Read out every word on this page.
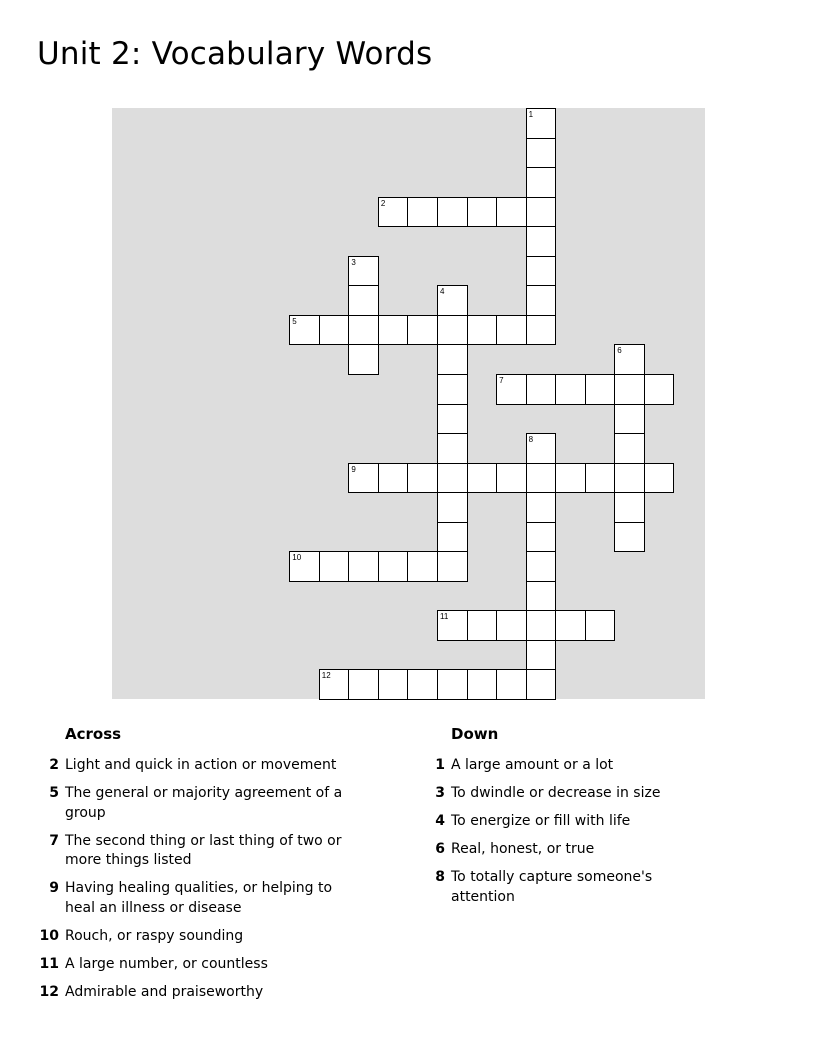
Unit 2: Vocabulary Words
1
2
3
4
5
6
7
8
9
10
11
12
Across
2 Light and quick in action or movement
5 The general or majority agreement of a group
7 The second thing or last thing of two or more things listed
9 Having healing qualities, or helping to heal an illness or disease
10 Rouch, or raspy sounding
11 A large number, or countless
12 Admirable and praiseworthy
Down
1 A large amount or a lot
3 To dwindle or decrease in size
4 To energize or fill with life
6 Real, honest, or true
8 To totally capture someone's attention
